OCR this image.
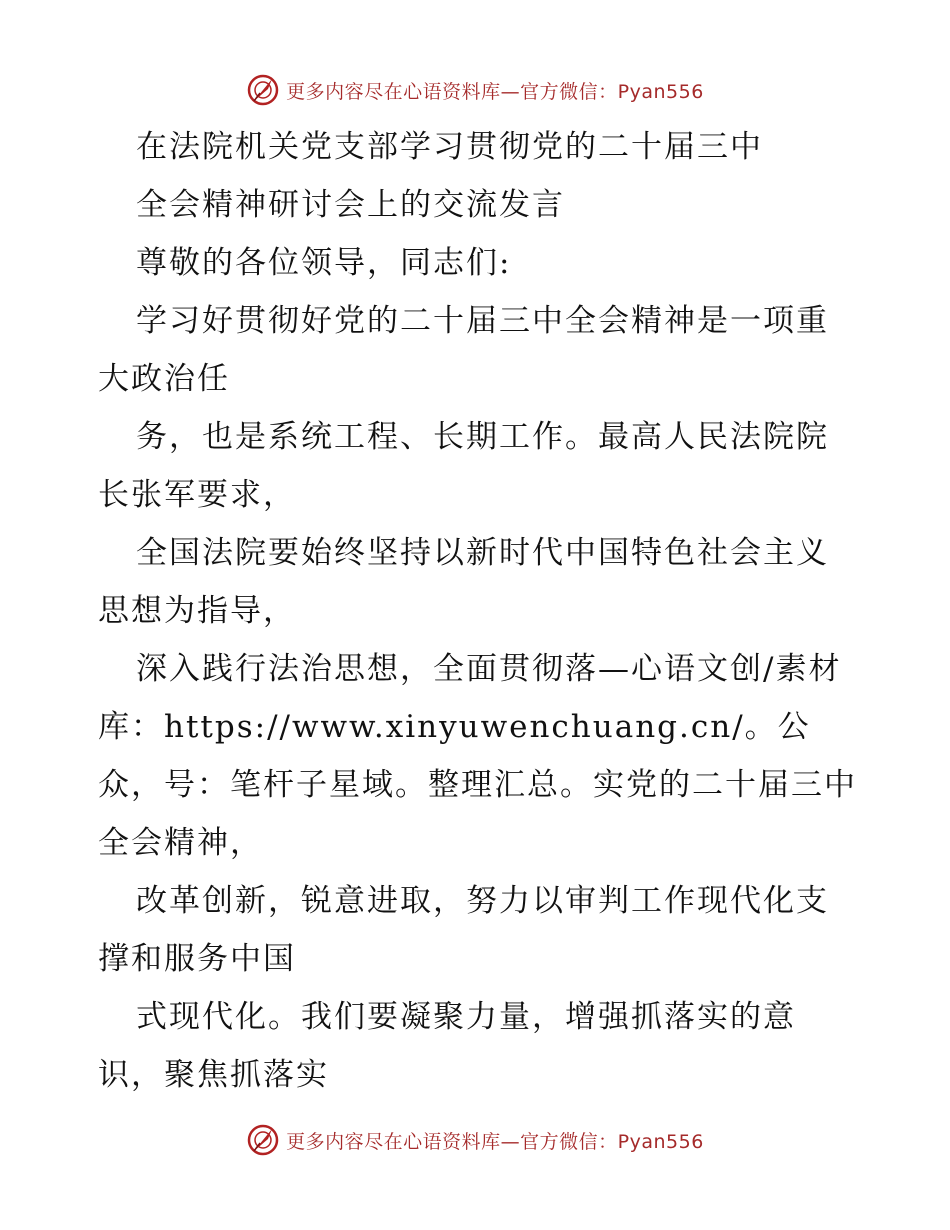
更多内容尽在心语资料库—官方微信：Pyan556

在法院机关党支部学习贯彻党的二十届三中

全会精神研讨会上的交流发言

尊敬的各位领导，同志们:

学习好贯彻好党的二十届三中全会精神是一项重大政治任

务，也是系统工程、长期工作。最高人民法院院长张军要求，

全国法院要始终坚持以新时代中国特色社会主义思想为指导，

深入践行法治思想，全面贯彻落—心语文创/素材库：https://www.xinyuwenchuang.cn/。公众，号：笔杆子星域。整理汇总。实党的二十届三中全会精神，

改革创新，锐意进取，努力以审判工作现代化支撑和服务中国

式现代化。我们要凝聚力量，增强抓落实的意识，聚焦抓落实

更多内容尽在心语资料库—官方微信：Pyan556
